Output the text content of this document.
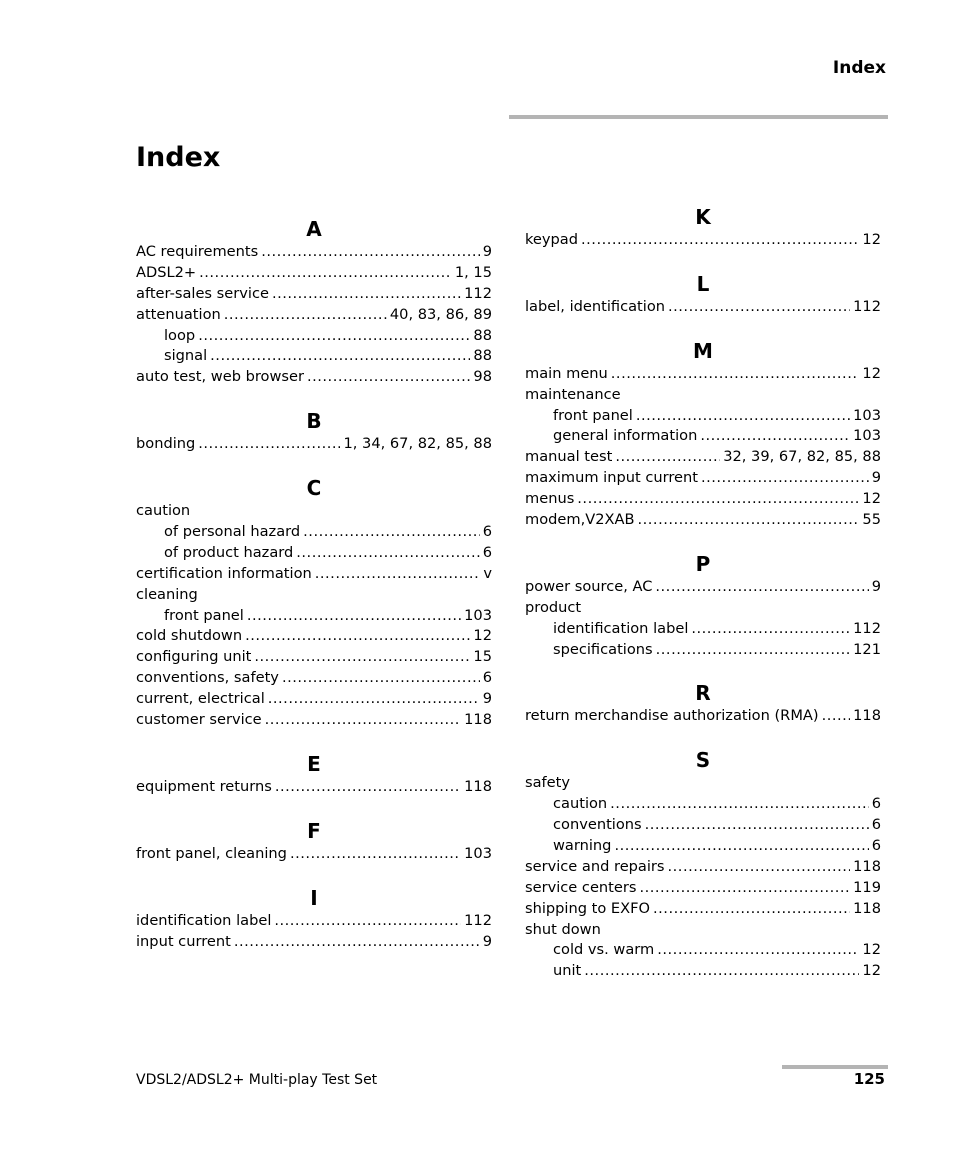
Index
Index
A
AC requirements .....	9
ADSL2+ .....	1, 15
after-sales service .....	112
attenuation .....	40, 83, 86, 89
loop .....	88
signal .....	88
auto test, web browser .....	98
B
bonding .....	1, 34, 67, 82, 85, 88
C
caution
of personal hazard .....	6
of product hazard .....	6
certification information .....	v
cleaning
front panel .....	103
cold shutdown .....	12
configuring unit .....	15
conventions, safety .....	6
current, electrical .....	9
customer service .....	118
E
equipment returns .....	118
F
front panel, cleaning .....	103
I
identification label .....	112
input current .....	9
K
keypad .....	12
L
label, identification .....	112
M
main menu .....	12
maintenance
front panel .....	103
general information .....	103
manual test .....	32, 39, 67, 82, 85, 88
maximum input current .....	9
menus .....	12
modem,V2XAB .....	55
P
power source, AC .....	9
product
identification label .....	112
specifications .....	121
R
return merchandise authorization (RMA) ..... 118
S
safety
caution .....	6
conventions .....	6
warning .....	6
service and repairs .....	118
service centers .....	119
shipping to EXFO .....	118
shut down
cold vs. warm .....	12
unit .....	12
VDSL2/ADSL2+ Multi-play Test Set	125
